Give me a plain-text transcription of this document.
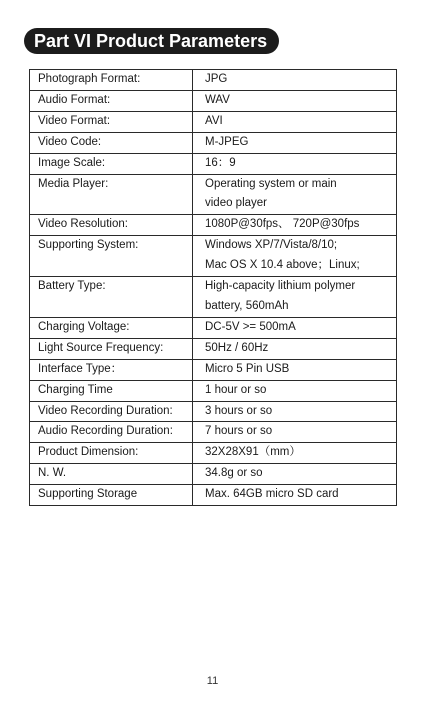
Part VI Product Parameters
Photograph Format:	JPG

Audio Format:	WAV

Video Format:	AVI

Video Code:	M-JPEG

Image Scale:	16：9

Media Player:	Operating system or main
video player

Video Resolution:	1080P@30fps、 720P@30fps

Supporting System:	Windows XP/7/Vista/8/10;
Mac OS X 10.4 above；Linux;

Battery Type:	High-capacity lithium polymer
battery, 560mAh

Charging Voltage:	DC-5V >= 500mA

Light Source Frequency:	50Hz / 60Hz

Interface Type：	Micro 5 Pin USB

Charging Time	1 hour or so

Video Recording Duration:	3 hours or so

Audio Recording Duration:	7 hours or so

Product Dimension:	32X28X91（mm）

N. W.	34.8g or so

Supporting Storage	Max. 64GB micro SD card
11
